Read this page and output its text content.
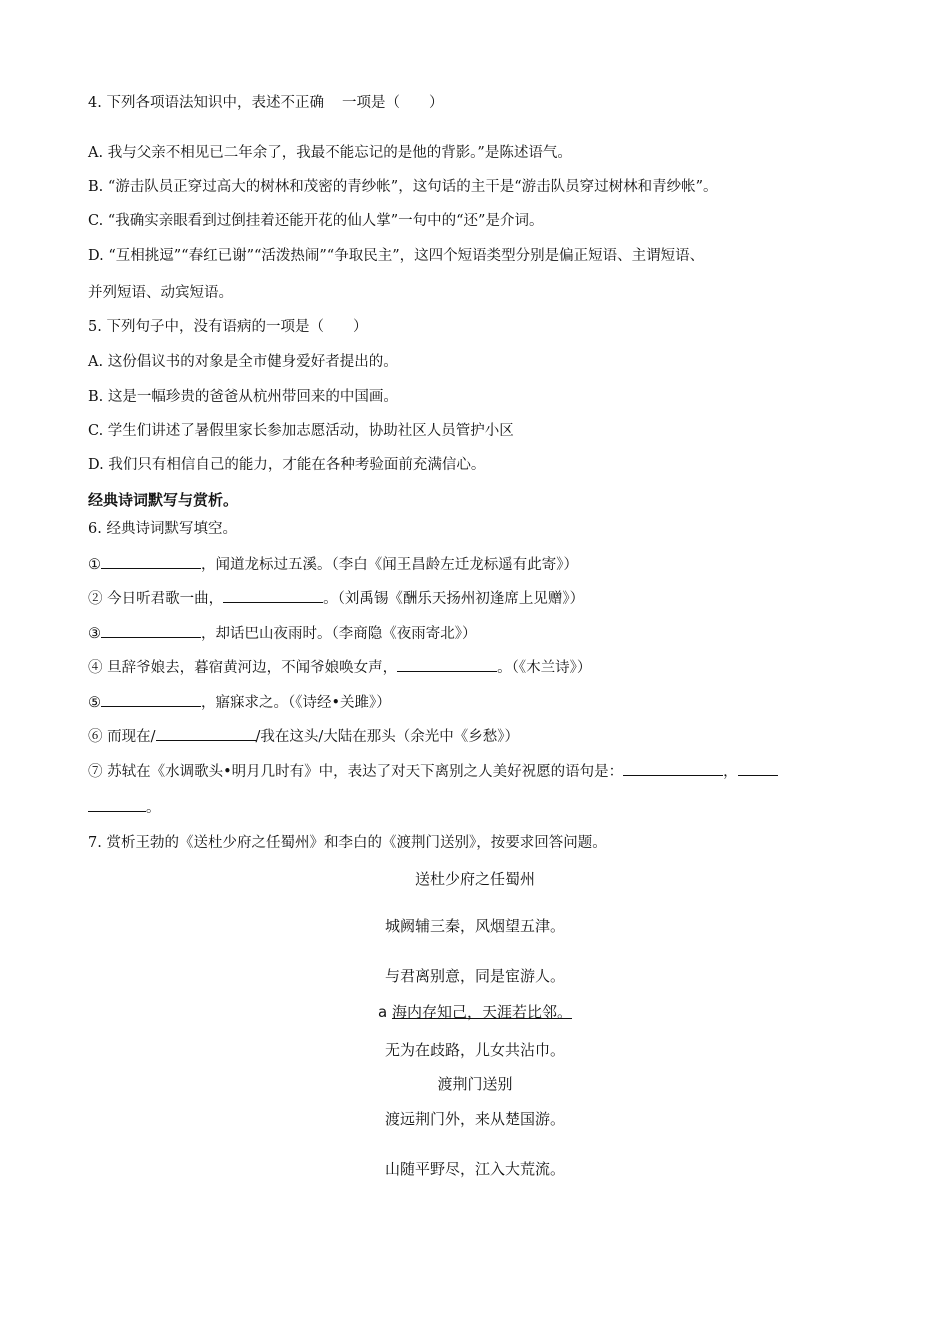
4. 下列各项语法知识中，表述不正确 一项是（　　）
A. 我与父亲不相见已二年余了，我最不能忘记的是他的背影。”是陈述语气。
B. “游击队员正穿过高大的树林和茂密的青纱帐”，这句话的主干是“游击队员穿过树林和青纱帐”。
C. “我确实亲眼看到过倒挂着还能开花的仙人掌”一句中的“还”是介词。
D. “互相挑逗”“春红已谢”“活泼热闹”“争取民主”，这四个短语类型分别是偏正短语、主谓短语、
并列短语、动宾短语。
5. 下列句子中，没有语病的一项是（　　）
A. 这份倡议书的对象是全市健身爱好者提出的。
B. 这是一幅珍贵的爸爸从杭州带回来的中国画。
C. 学生们讲述了暑假里家长参加志愿活动，协助社区人员管护小区
D. 我们只有相信自己的能力，才能在各种考验面前充满信心。
经典诗词默写与赏析。
6. 经典诗词默写填空。
①	，闻道龙标过五溪。（李白《闻王昌龄左迁龙标遥有此寄》）
② 今日听君歌一曲，	。（刘禹锡《酬乐天扬州初逢席上见赠》）
③	，却话巴山夜雨时。（李商隐《夜雨寄北》）
④ 旦辞爷娘去，暮宿黄河边，不闻爷娘唤女声，	。（《木兰诗》）
⑤	，寤寐求之。（《诗经•关雎》）
⑥ 而现在/	/我在这头/大陆在那头（余光中《乡愁》）
⑦ 苏轼在《水调歌头•明月几时有》中，表达了对天下离别之人美好祝愿的语句是：	，
。
7. 赏析王勃的《送杜少府之任蜀州》和李白的《渡荆门送别》，按要求回答问题。
送杜少府之任蜀州
城阙辅三秦，风烟望五津。
与君离别意，同是宦游人。
a 海内存知己，天涯若比邻。
无为在歧路，儿女共沾巾。
渡荆门送别
渡远荆门外，来从楚国游。
山随平野尽，江入大荒流。
